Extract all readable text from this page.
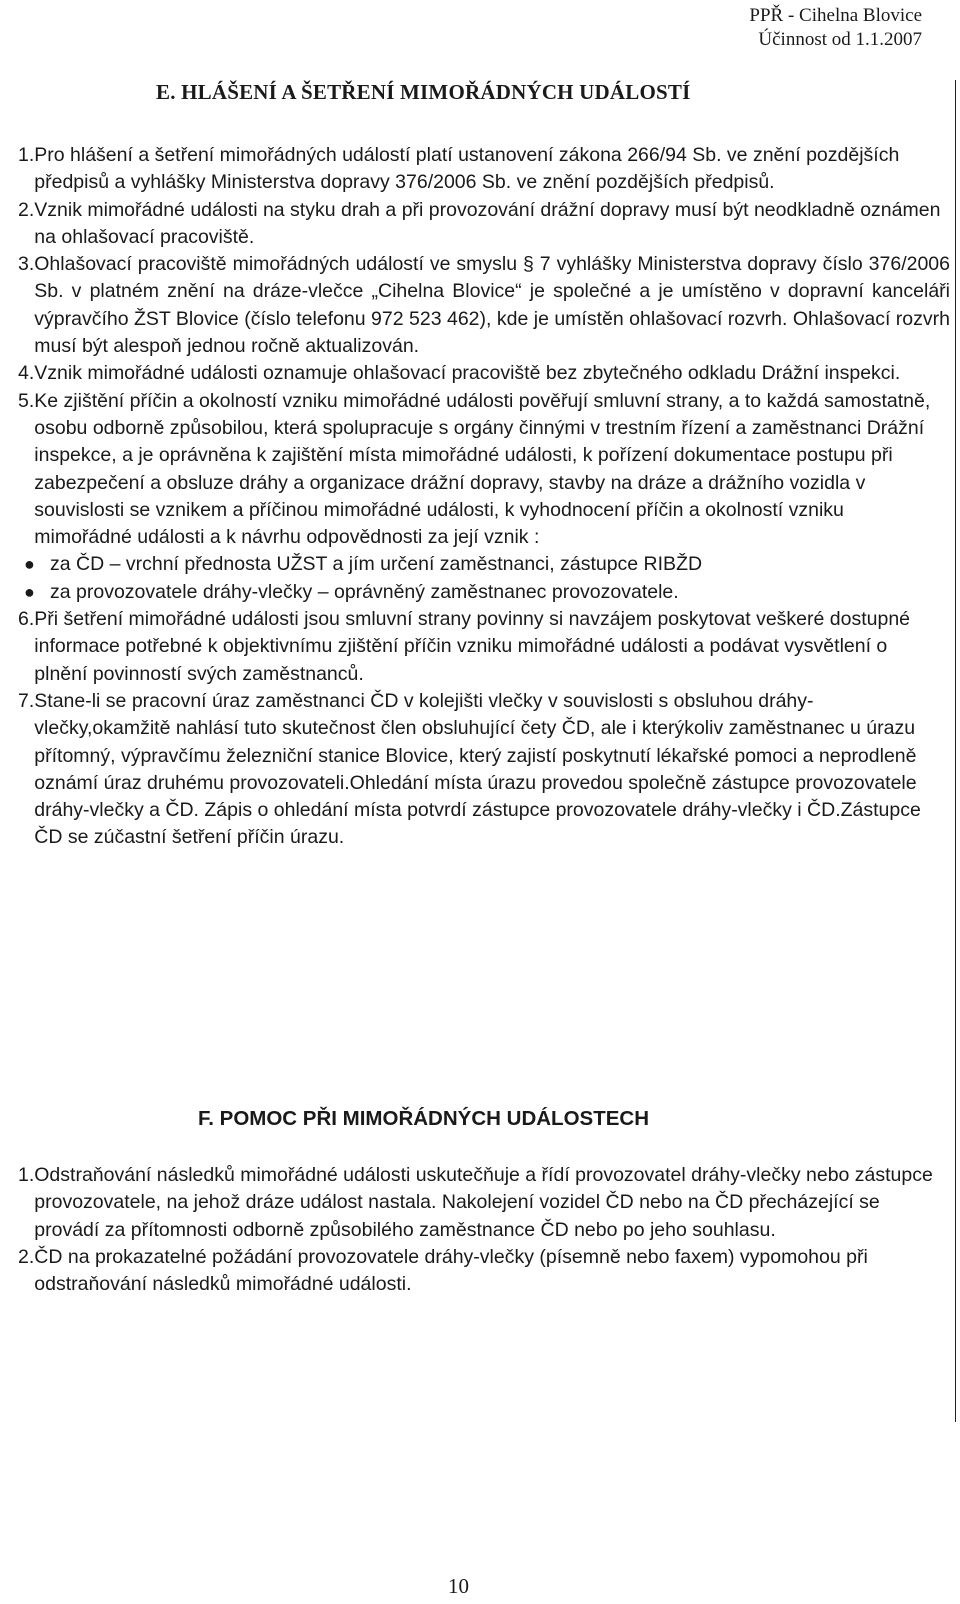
PPŘ - Cihelna Blovice
Účinnost od 1.1.2007
E. HLÁŠENÍ A ŠETŘENÍ MIMOŘÁDNÝCH UDÁLOSTÍ
1. Pro hlášení a šetření mimořádných událostí platí ustanovení zákona 266/94 Sb. ve znění pozdějších předpisů a vyhlášky Ministerstva dopravy 376/2006 Sb. ve znění pozdějších předpisů.
2. Vznik mimořádné události na styku drah a při provozování drážní dopravy musí být neodkladně oznámen na ohlašovací pracoviště.
3. Ohlašovací pracoviště mimořádných událostí ve smyslu § 7 vyhlášky Ministerstva dopravy číslo 376/2006 Sb. v platném znění na dráze-vlečce „Cihelna Blovice“ je společné a je umístěno v dopravní kanceláři výpravčího ŽST Blovice (číslo telefonu 972 523 462), kde je umístěn ohlašovací rozvrh. Ohlašovací rozvrh musí být alespoň jednou ročně aktualizován.
4. Vznik mimořádné události oznamuje ohlašovací pracoviště bez zbytečného odkladu Drážní inspekci.
5. Ke zjištění příčin a okolností vzniku mimořádné události pověřují smluvní strany, a to každá samostatně, osobu odborně způsobilou, která spolupracuje s orgány činnými v trestním řízení a zaměstnanci Drážní inspekce, a je oprávněna k zajištění místa mimořádné události, k pořízení dokumentace postupu při zabezpečení a obsluze dráhy a organizace drážní dopravy, stavby na dráze a drážního vozidla v souvislosti se vznikem a příčinou mimořádné události, k vyhodnocení příčin a okolností vzniku mimořádné události a k návrhu odpovědnosti za její vznik :
● za ČD – vrchní přednosta UŽST a jím určení zaměstnanci, zástupce RIBŽD
● za provozovatele dráhy-vlečky – oprávněný zaměstnanec provozovatele.
6. Při šetření mimořádné události jsou smluvní strany povinny si navzájem poskytovat veškeré dostupné informace potřebné k objektivnímu zjištění příčin vzniku mimořádné události a podávat vysvětlení o plnění povinností svých zaměstnanců.
7. Stane-li se pracovní úraz zaměstnanci ČD v kolejišti vlečky v souvislosti s obsluhou dráhy- vlečky,okamžitě nahlásí tuto skutečnost člen obsluhující čety ČD, ale i kterýkoliv zaměstnanec u úrazu přítomný, výpravčímu železniční stanice Blovice, který zajistí poskytnutí lékařské pomoci a neprodleně oznámí úraz druhému provozovateli.Ohledání místa úrazu provedou společně zástupce provozovatele dráhy-vlečky a ČD. Zápis o ohledání místa potvrdí zástupce provozovatele dráhy-vlečky i ČD.Zástupce ČD se zúčastní šetření příčin úrazu.
F. POMOC PŘI MIMOŘÁDNÝCH UDÁLOSTECH
1. Odstraňování následků mimořádné události uskutečňuje a řídí provozovatel dráhy-vlečky nebo zástupce provozovatele, na jehož dráze událost nastala. Nakolejení vozidel ČD nebo na ČD přecházející se provádí za přítomnosti odborně způsobilého zaměstnance ČD nebo po jeho souhlasu.
2. ČD na prokazatelné požádání provozovatele dráhy-vlečky (písemně nebo faxem) vypomohou při odstraňování následků mimořádné události.
10
